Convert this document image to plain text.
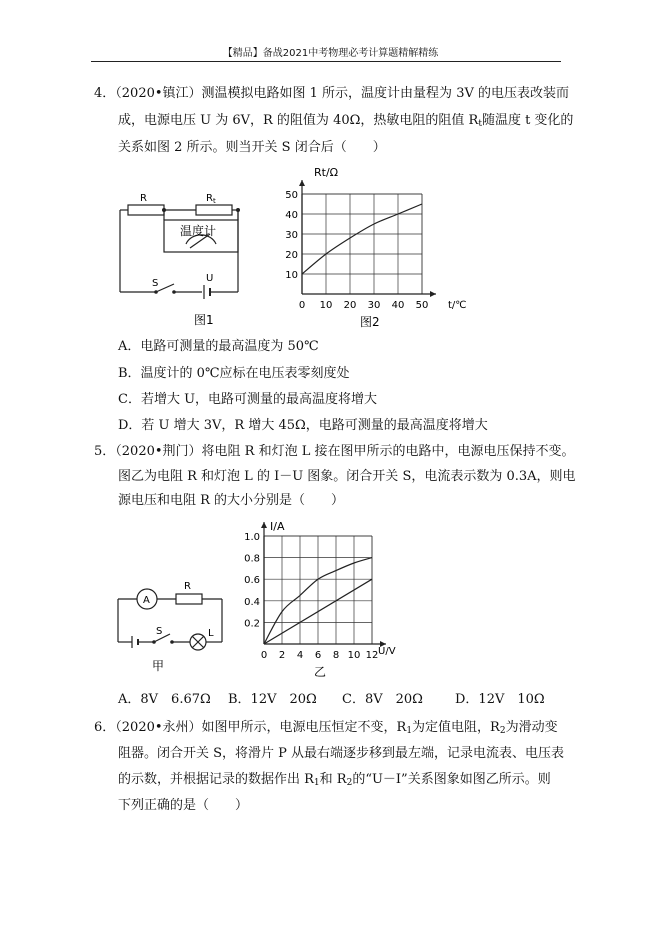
【精品】备战2021中考物理必考计算题精解精练
4．（2020•镇江）测温模拟电路如图 1 所示，温度计由量程为 3V 的电压表改装而
成，电源电压 U 为 6V，R 的阻值为 40Ω，热敏电阻的阻值 $R_t$随温度 t 变化的
关系如图 2 所示。则当开关 S 闭合后（　　）
R	$R_t$
温度计
S	U
图1
0 10 20 30 40 50
10
20
30
40
50
Rt/Ω
t/℃
图2
A．电路可测量的最高温度为 50℃
B．温度计的 0℃应标在电压表零刻度处
C．若增大 U，电路可测量的最高温度将增大
D．若 U 增大 3V，R 增大 45Ω，电路可测量的最高温度将增大
5．（2020•荆门）将电阻 R 和灯泡 L 接在图甲所示的电路中，电源电压保持不变。
图乙为电阻 R 和灯泡 L 的 I－U 图象。闭合开关 S，电流表示数为 0.3A，则电
源电压和电阻 R 的大小分别是（　　）
A
R
S	L
甲
0 2 4 6 8 10 12
0.2
0.4
0.6
0.8
1.0
I/A
U/V
乙
A．8V　6.67Ω B．12V　20Ω C．8V　20Ω D．12V　10Ω
6．（2020•永州）如图甲所示，电源电压恒定不变，$R_1$为定值电阻，$R_2$为滑动变
阻器。闭合开关 S，将滑片 P 从最右端逐步移到最左端，记录电流表、电压表
的示数，并根据记录的数据作出 $R_1$和 $R_2$的“U－I”关系图象如图乙所示。则
下列正确的是（　　）
